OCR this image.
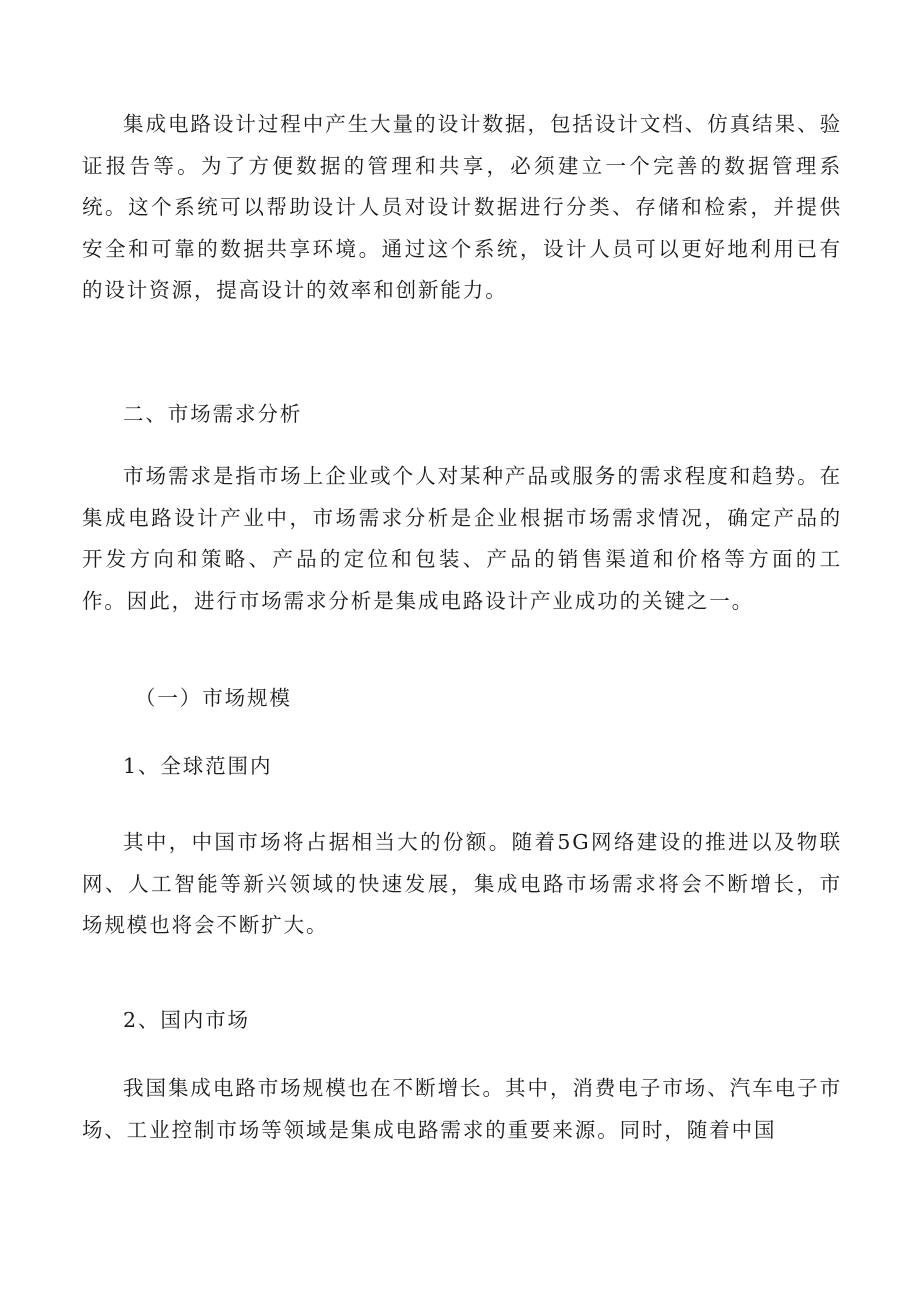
集成电路设计过程中产生大量的设计数据，包括设计文档、仿真结果、验证报告等。为了方便数据的管理和共享，必须建立一个完善的数据管理系统。这个系统可以帮助设计人员对设计数据进行分类、存储和检索，并提供安全和可靠的数据共享环境。通过这个系统，设计人员可以更好地利用已有的设计资源，提高设计的效率和创新能力。

二、市场需求分析

市场需求是指市场上企业或个人对某种产品或服务的需求程度和趋势。在集成电路设计产业中，市场需求分析是企业根据市场需求情况，确定产品的开发方向和策略、产品的定位和包装、产品的销售渠道和价格等方面的工作。因此，进行市场需求分析是集成电路设计产业成功的关键之一。

（一）市场规模

1、全球范围内

其中，中国市场将占据相当大的份额。随着5G网络建设的推进以及物联网、人工智能等新兴领域的快速发展，集成电路市场需求将会不断增长，市场规模也将会不断扩大。

2、国内市场

我国集成电路市场规模也在不断增长。其中，消费电子市场、汽车电子市场、工业控制市场等领域是集成电路需求的重要来源。同时，随着中国
